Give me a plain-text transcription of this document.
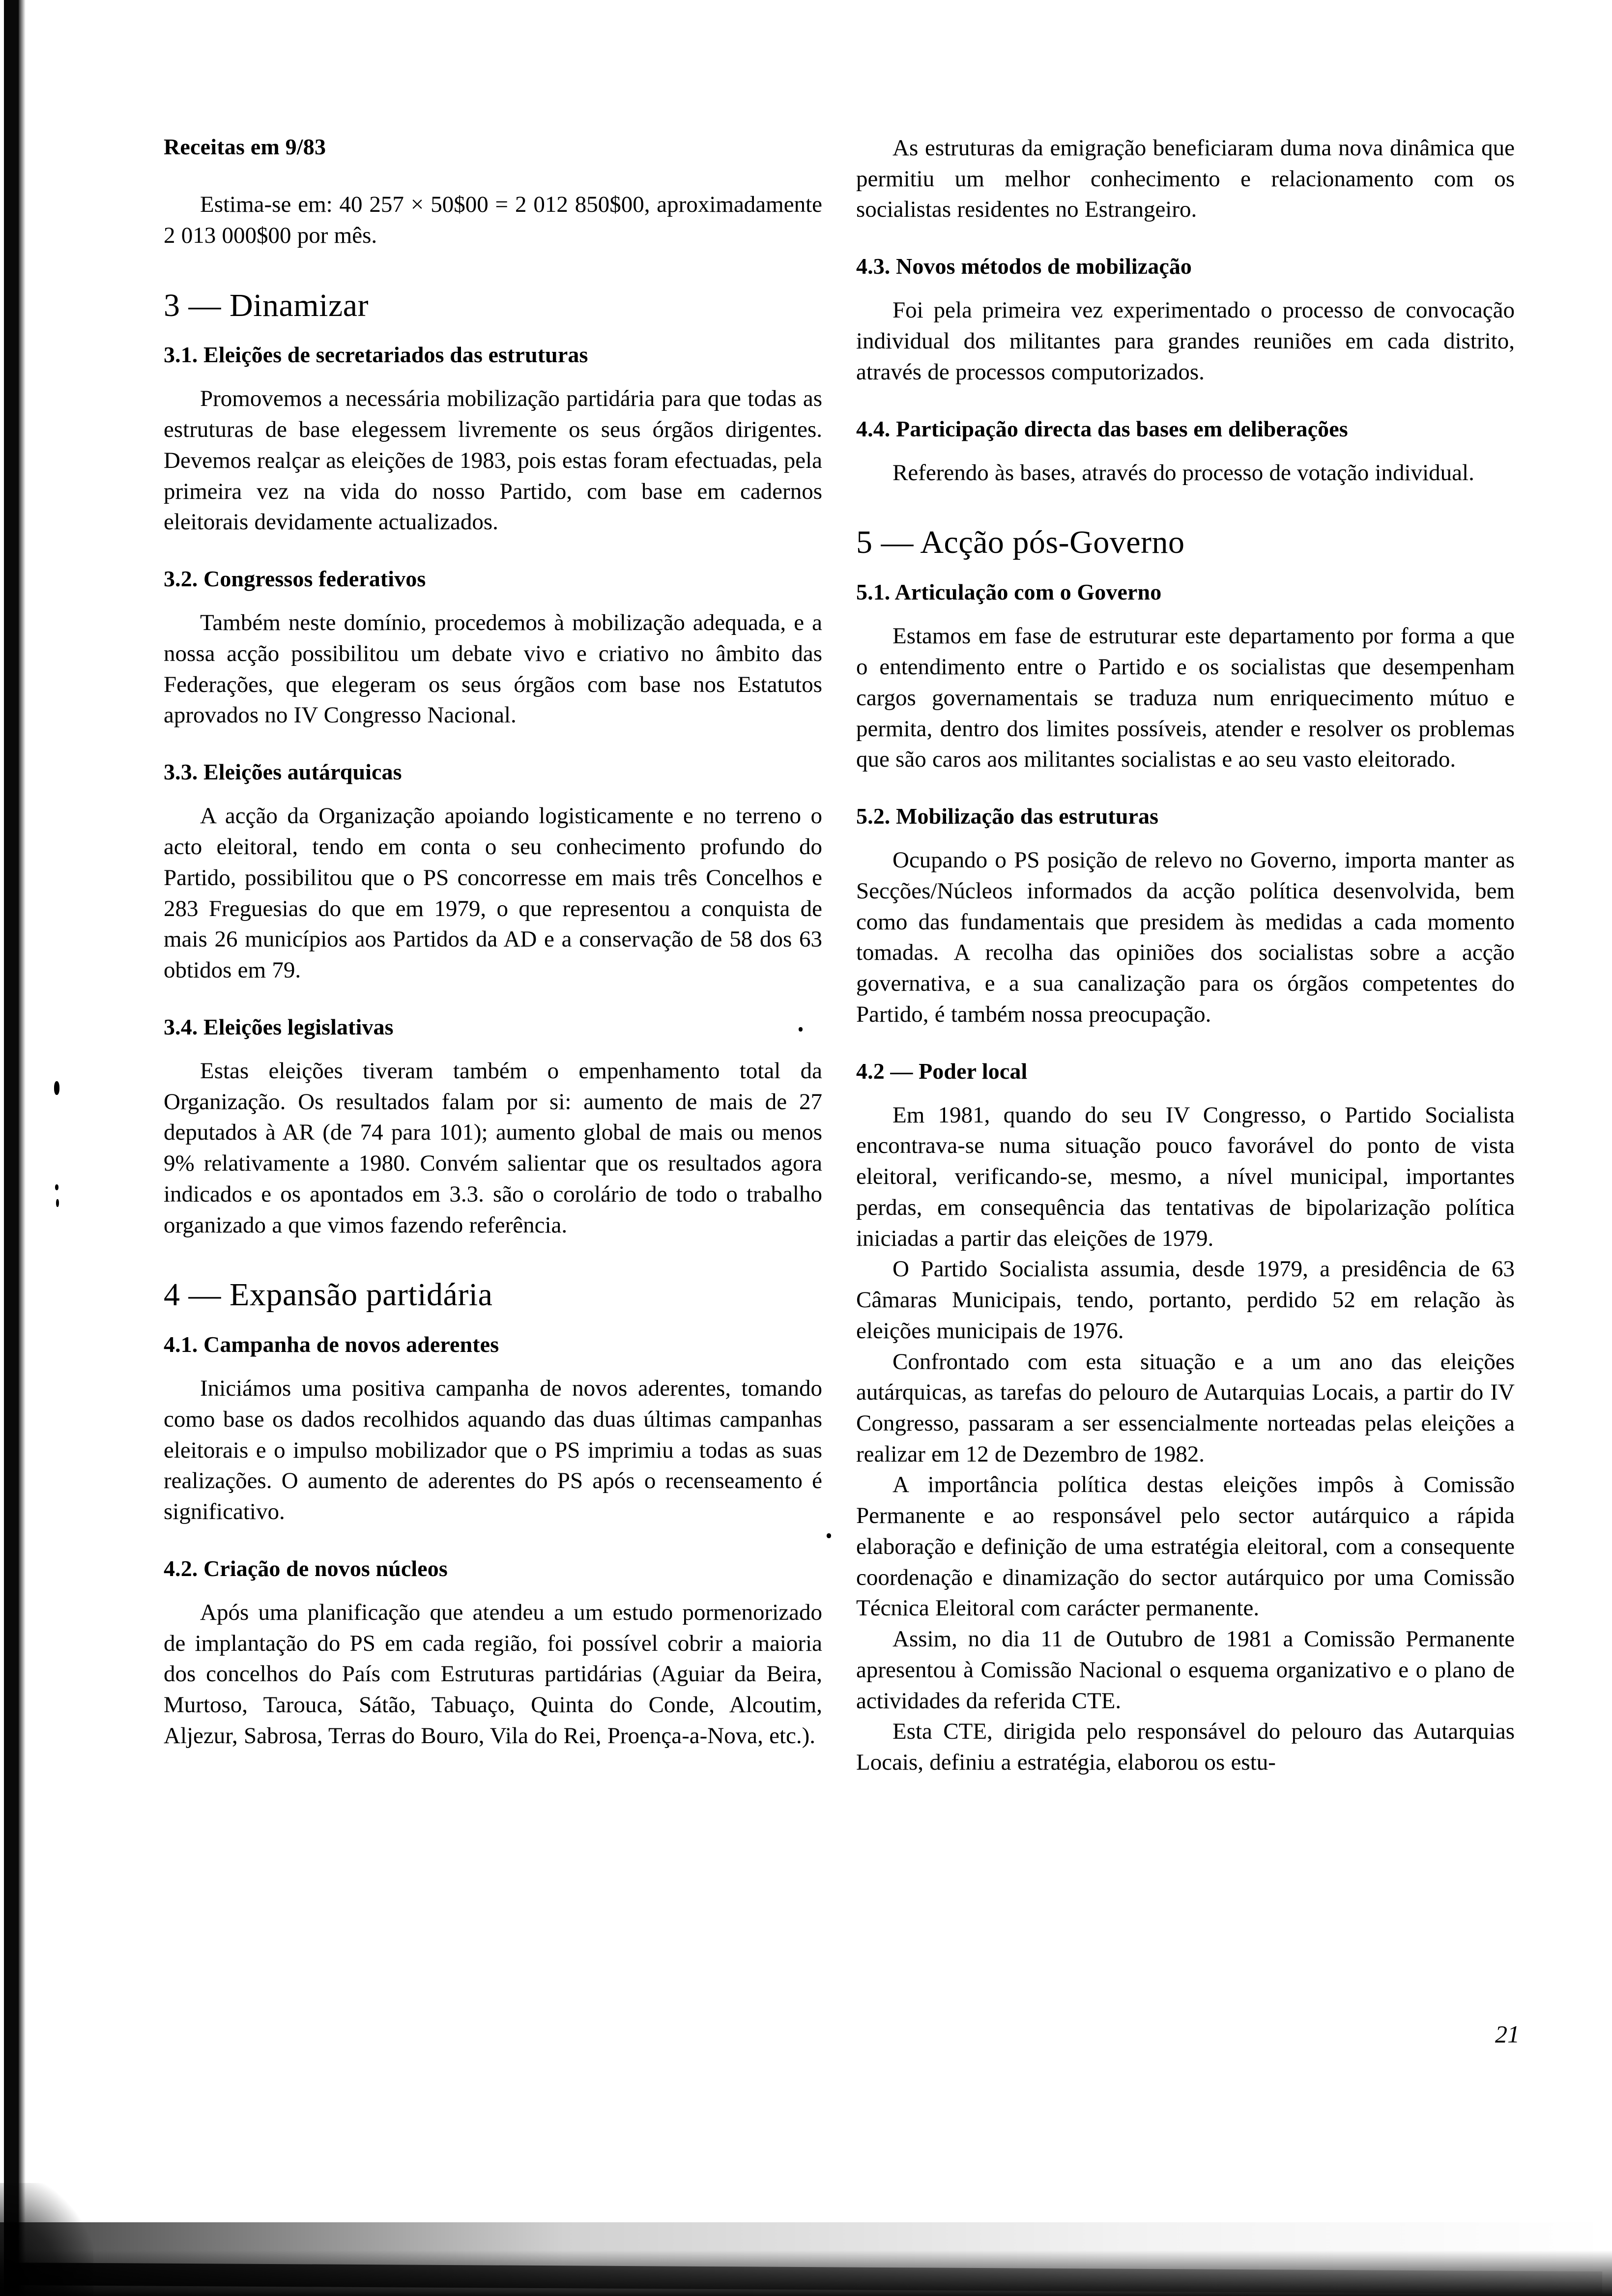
Receitas em 9/83

Estima-se em: 40 257 × 50$00 = 2 012 850$00, aproximadamente 2 013 000$00 por mês.

3 — Dinamizar
3.1. Eleições de secretariados das estruturas

Promovemos a necessária mobilização partidária para que todas as estruturas de base elegessem livremente os seus órgãos dirigentes. Devemos realçar as eleições de 1983, pois estas foram efectuadas, pela primeira vez na vida do nosso Partido, com base em cadernos eleitorais devidamente actualizados.

3.2. Congressos federativos

Também neste domínio, procedemos à mobilização adequada, e a nossa acção possibilitou um debate vivo e criativo no âmbito das Federações, que elegeram os seus órgãos com base nos Estatutos aprovados no IV Congresso Nacional.

3.3. Eleições autárquicas

A acção da Organização apoiando logisticamente e no terreno o acto eleitoral, tendo em conta o seu conhecimento profundo do Partido, possibilitou que o PS concorresse em mais três Concelhos e 283 Freguesias do que em 1979, o que representou a conquista de mais 26 municípios aos Partidos da AD e a conservação de 58 dos 63 obtidos em 79.

3.4. Eleições legislativas

Estas eleições tiveram também o empenhamento total da Organização. Os resultados falam por si: aumento de mais de 27 deputados à AR (de 74 para 101); aumento global de mais ou menos 9% relativamente a 1980. Convém salientar que os resultados agora indicados e os apontados em 3.3. são o corolário de todo o trabalho organizado a que vimos fazendo referência.

4 — Expansão partidária
4.1. Campanha de novos aderentes

Iniciámos uma positiva campanha de novos aderentes, tomando como base os dados recolhidos aquando das duas últimas campanhas eleitorais e o impulso mobilizador que o PS imprimiu a todas as suas realizações. O aumento de aderentes do PS após o recenseamento é significativo.

4.2. Criação de novos núcleos

Após uma planificação que atendeu a um estudo pormenorizado de implantação do PS em cada região, foi possível cobrir a maioria dos concelhos do País com Estruturas partidárias (Aguiar da Beira, Murtoso, Tarouca, Sátão, Tabuaço, Quinta do Conde, Alcoutim, Aljezur, Sabrosa, Terras do Bouro, Vila do Rei, Proença-a-Nova, etc.).

As estruturas da emigração beneficiaram duma nova dinâmica que permitiu um melhor conhecimento e relacionamento com os socialistas residentes no Estrangeiro.

4.3. Novos métodos de mobilização

Foi pela primeira vez experimentado o processo de convocação individual dos militantes para grandes reuniões em cada distrito, através de processos computorizados.

4.4. Participação directa das bases em deliberações

Referendo às bases, através do processo de votação individual.

5 — Acção pós-Governo
5.1. Articulação com o Governo

Estamos em fase de estruturar este departamento por forma a que o entendimento entre o Partido e os socialistas que desempenham cargos governamentais se traduza num enriquecimento mútuo e permita, dentro dos limites possíveis, atender e resolver os problemas que são caros aos militantes socialistas e ao seu vasto eleitorado.

5.2. Mobilização das estruturas

Ocupando o PS posição de relevo no Governo, importa manter as Secções/Núcleos informados da acção política desenvolvida, bem como das fundamentais que presidem às medidas a cada momento tomadas. A recolha das opiniões dos socialistas sobre a acção governativa, e a sua canalização para os órgãos competentes do Partido, é também nossa preocupação.

4.2 — Poder local

Em 1981, quando do seu IV Congresso, o Partido Socialista encontrava-se numa situação pouco favorável do ponto de vista eleitoral, verificando-se, mesmo, a nível municipal, importantes perdas, em consequência das tentativas de bipolarização política iniciadas a partir das eleições de 1979.

O Partido Socialista assumia, desde 1979, a presidência de 63 Câmaras Municipais, tendo, portanto, perdido 52 em relação às eleições municipais de 1976.

Confrontado com esta situação e a um ano das eleições autárquicas, as tarefas do pelouro de Autarquias Locais, a partir do IV Congresso, passaram a ser essencialmente norteadas pelas eleições a realizar em 12 de Dezembro de 1982.

A importância política destas eleições impôs à Comissão Permanente e ao responsável pelo sector autárquico a rápida elaboração e definição de uma estratégia eleitoral, com a consequente coordenação e dinamização do sector autárquico por uma Comissão Técnica Eleitoral com carácter permanente.

Assim, no dia 11 de Outubro de 1981 a Comissão Permanente apresentou à Comissão Nacional o esquema organizativo e o plano de actividades da referida CTE.

Esta CTE, dirigida pelo responsável do pelouro das Autarquias Locais, definiu a estratégia, elaborou os estu-

21
